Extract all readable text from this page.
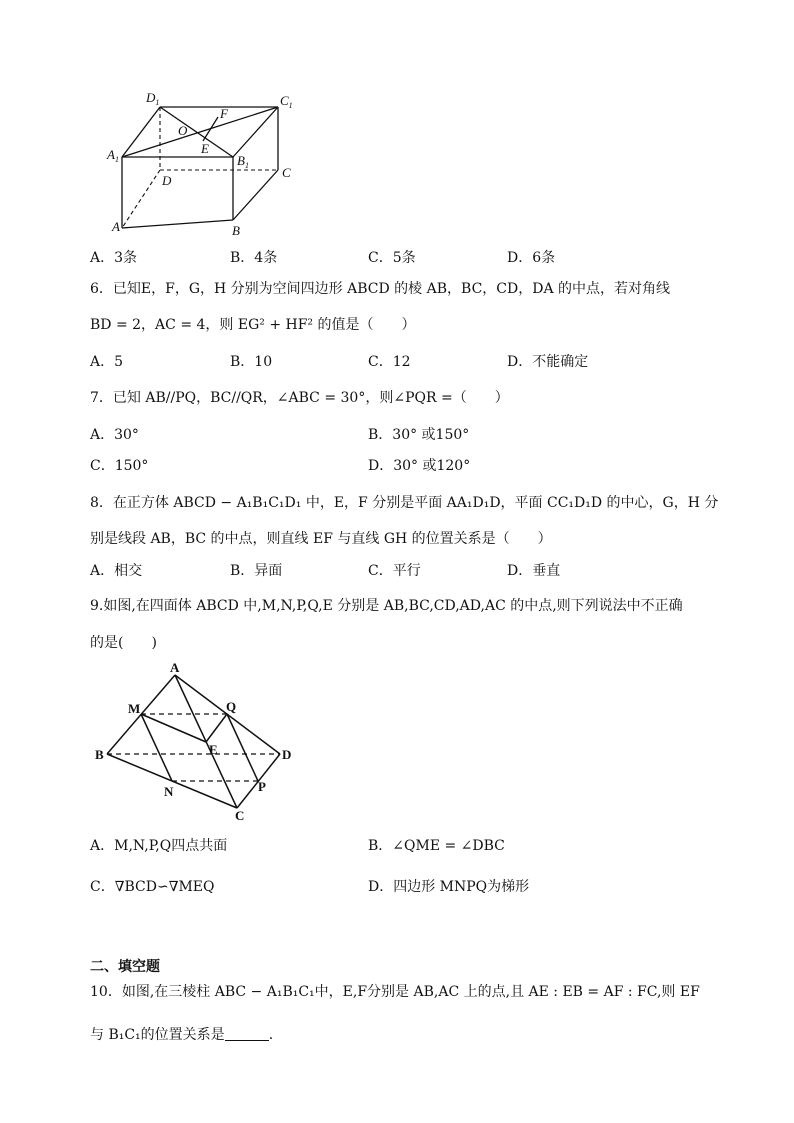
$D_1$	$C_1$
$A_1$	$B_1$
F
O
E
D
C
A	B
A．3条	B．4条	C．5条	D．6条
6．已知E，F，G，H 分别为空间四边形 ABCD 的棱 AB，BC，CD，DA 的中点，若对角线
BD = 2，AC = 4，则 EG² + HF² 的值是（　　）
A．5	B．10	C．12	D．不能确定
7．已知 AB//PQ，BC//QR，∠ABC = 30°，则∠PQR =（　　）
A．30°	B．30° 或150°
C．150°	D．30° 或120°
8．在正方体 ABCD − A₁B₁C₁D₁ 中，E，F 分别是平面 AA₁D₁D，平面 CC₁D₁D 的中心，G，H 分
别是线段 AB，BC 的中点，则直线 EF 与直线 GH 的位置关系是（　　）
A．相交	B．异面	C．平行	D．垂直
9.如图,在四面体 ABCD 中,M,N,P,Q,E 分别是 AB,BC,CD,AD,AC 的中点,则下列说法中不正确
的是(　　)
A
M	Q
B	E	D
N	P
C
A．M,N,P,Q四点共面	B．∠QME = ∠DBC
C．∇BCD∽∇MEQ	D．四边形 MNPQ为梯形
二、填空题
10．如图,在三棱柱 ABC − A₁B₁C₁中，E,F分别是 AB,AC 上的点,且 AE : EB = AF : FC,则 EF
与 B₁C₁的位置关系是	.
